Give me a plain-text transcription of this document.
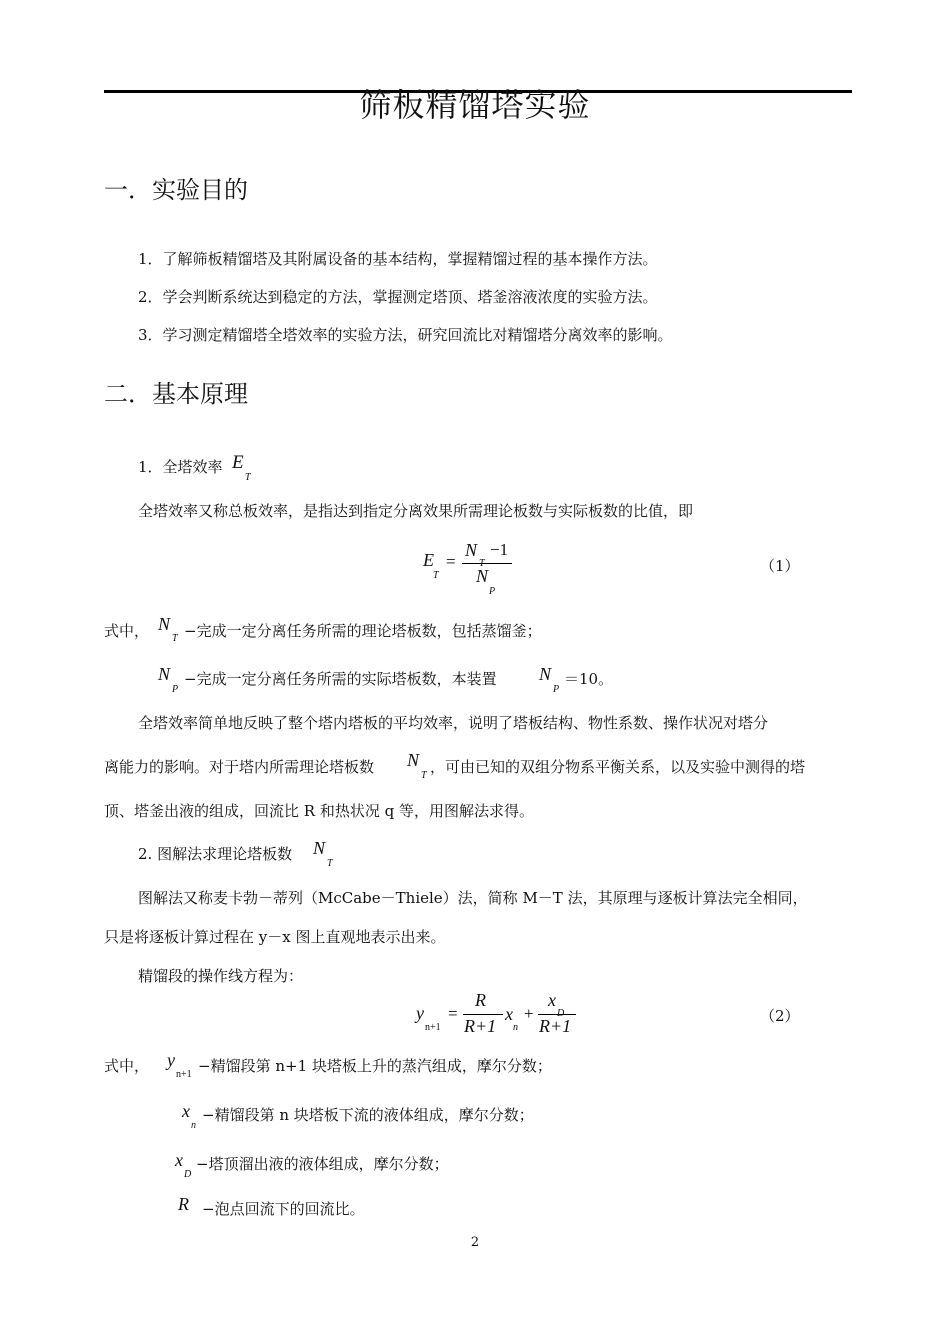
筛板精馏塔实验
一．实验目的
1．了解筛板精馏塔及其附属设备的基本结构，掌握精馏过程的基本操作方法。
2．学会判断系统达到稳定的方法，掌握测定塔顶、塔釜溶液浓度的实验方法。
3．学习测定精馏塔全塔效率的实验方法，研究回流比对精馏塔分离效率的影响。
二．基本原理
1．全塔效率 E
T
全塔效率又称总板效率，是指达到指定分离效果所需理论板数与实际板数的比值，即
E
T
=
N
T
−1
N
P
（1）
式中， N
T −完成一定分离任务所需的理论塔板数，包括蒸馏釜；
N
P
−完成一定分离任务所需的实际塔板数，本装置 N
P
＝10。
全塔效率简单地反映了整个塔内塔板的平均效率，说明了塔板结构、物性系数、操作状况对塔分
离能力的影响。对于塔内所需理论塔板数 N
T ，可由已知的双组分物系平衡关系，以及实验中测得的塔
顶、塔釜出液的组成，回流比 R 和热状况 q 等，用图解法求得。
2. 图解法求理论塔板数 N
T
图解法又称麦卡勃－蒂列（McCabe－Thiele）法，简称 M－T 法，其原理与逐板计算法完全相同，
只是将逐板计算过程在 y－x 图上直观地表示出来。
精馏段的操作线方程为：
y
n+1
=
R
R+1
x
n
+
x
D
R+1	（2）
式中， y
n+1 −精馏段第 n+1 块塔板上升的蒸汽组成，摩尔分数；
x
n
−精馏段第 n 块塔板下流的液体组成，摩尔分数；
x
D
−塔顶溜出液的液体组成，摩尔分数；
R −泡点回流下的回流比。
2
